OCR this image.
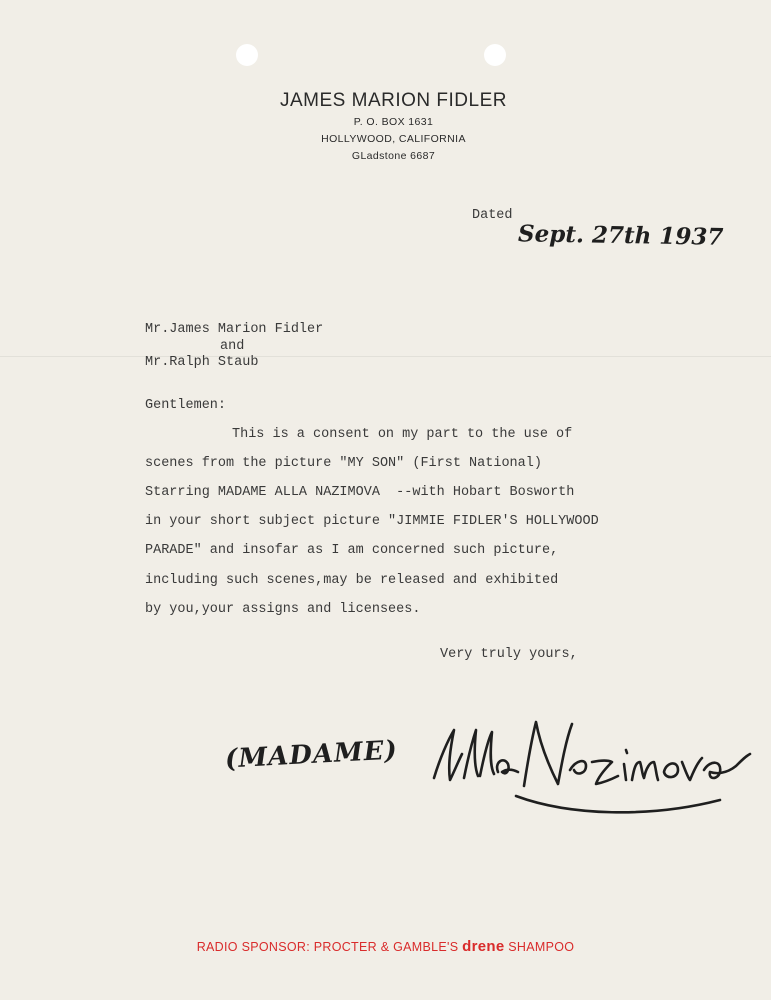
JAMES MARION FIDLER
P. O. BOX 1631
HOLLYWOOD, CALIFORNIA
GLadstone 6687
Dated
Sept. 27th 1937
Mr.James Marion Fidler
and
Mr.Ralph Staub
Gentlemen:
This is a consent on my part to the use of
scenes from the picture "MY SON" (First National)
Starring MADAME ALLA NAZIMOVA  --with Hobart Bosworth
in your short subject picture "JIMMIE FIDLER'S HOLLYWOOD
PARADE" and insofar as I am concerned such picture,
including such scenes,may be released and exhibited
by you,your assigns and licensees.
Very truly yours,
(MADAME)
RADIO SPONSOR: PROCTER & GAMBLE'S drene SHAMPOO
